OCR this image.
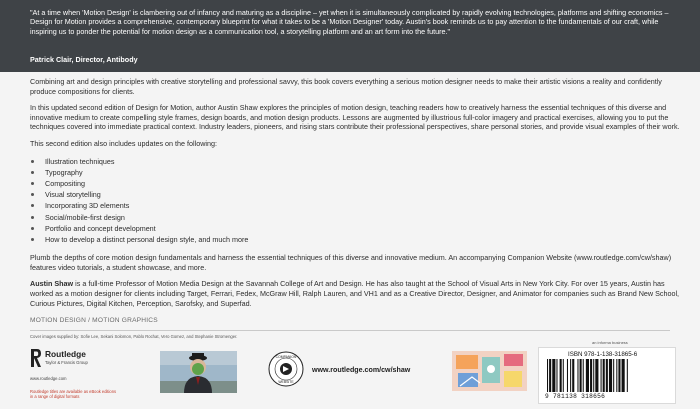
"At a time when 'Motion Design' is clambering out of infancy and maturing as a discipline – yet when it is simultaneously complicated by rapidly evolving technologies, platforms and shifting economics – Design for Motion provides a comprehensive, contemporary blueprint for what it takes to be a 'Motion Designer' today. Austin's book reminds us to pay attention to the fundamentals of our craft, while inspiring us to ponder the potential for motion design as a communication tool, a storytelling platform and an art form into the future."
Patrick Clair, Director, Antibody

Combining art and design principles with creative storytelling and professional savvy, this book covers everything a serious motion designer needs to make their artistic visions a reality and confidently produce compositions for clients.

In this updated second edition of Design for Motion, author Austin Shaw explores the principles of motion design, teaching readers how to creatively harness the essential techniques of this diverse and innovative medium to create compelling style frames, design boards, and motion design products. Lessons are augmented by illustrious full-color imagery and practical exercises, allowing you to put the techniques covered into immediate practical context. Industry leaders, pioneers, and rising stars contribute their professional perspectives, share personal stories, and provide visual examples of their work.

This second edition also includes updates on the following:

Illustration techniques
Typography
Compositing
Visual storytelling
Incorporating 3D elements
Social/mobile-first design
Portfolio and concept development
How to develop a distinct personal design style, and much more

Plumb the depths of core motion design fundamentals and harness the essential techniques of this diverse and innovative medium. An accompanying Companion Website (www.routledge.com/cw/shaw) features video tutorials, a student showcase, and more.

Austin Shaw is a full-time Professor of Motion Media Design at the Savannah College of Art and Design. He has also taught at the School of Visual Arts in New York City. For over 15 years, Austin has worked as a motion designer for clients including Target, Ferrari, Fedex, McGraw Hill, Ralph Lauren, and VH1 and as a Creative Director, Designer, and Animator for companies such as Brand New School, Curious Pictures, Digital Kitchen, Perception, Sarofsky, and Superfad.

MOTION DESIGN / MOTION GRAPHICS
Cover images supplied by: Sofie Lee, Sekani Solomon, Pablo Rochat, Vero Gomez, and Stephanie Stromenger.
Routledge
Taylor & Francis Group
www.routledge.com
Routledge titles are available as eBook editions in a range of digital formats
COMPANION
WEBSITE
www.routledge.com/cw/shaw
an informa business
ISBN 978-1-138-31865-6
9 781138 318656
